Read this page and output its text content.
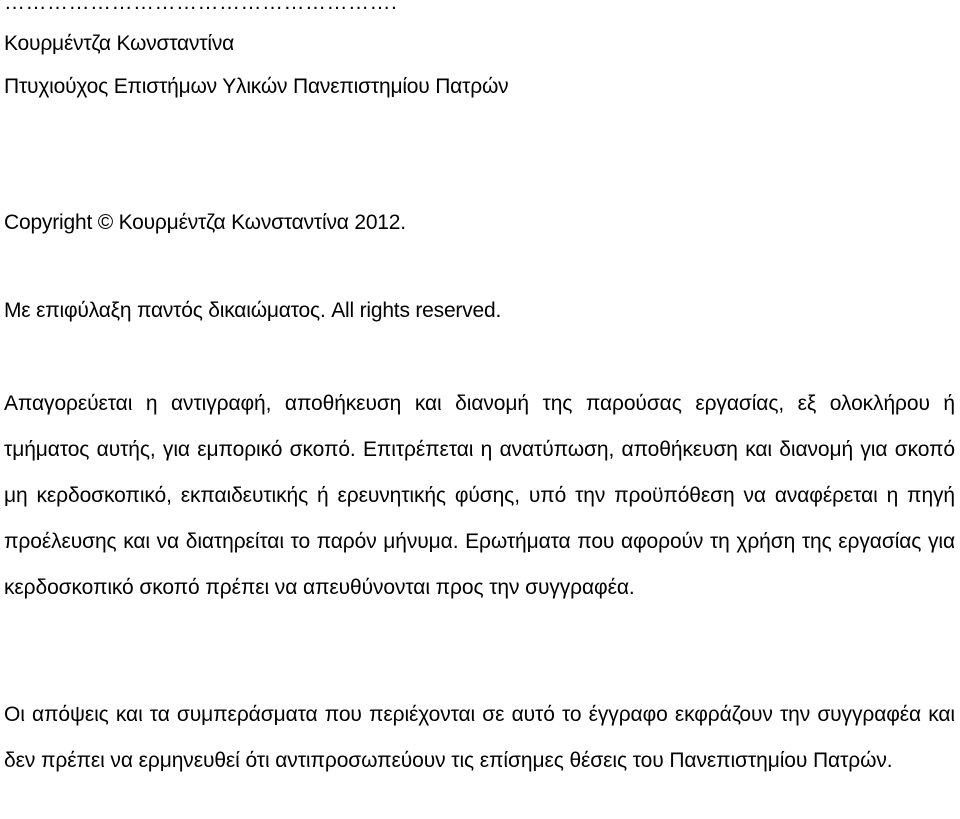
……………………………………………….
Κουρμέντζα Κωνσταντίνα
Πτυχιούχος Επιστήμων Υλικών Πανεπιστημίου Πατρών
Copyright © Κουρμέντζα Κωνσταντίνα 2012.
Με επιφύλαξη παντός δικαιώματος. All rights reserved.
Απαγορεύεται η αντιγραφή, αποθήκευση και διανομή της παρούσας εργασίας, εξ ολοκλήρου ή τμήματος αυτής, για εμπορικό σκοπό. Επιτρέπεται η ανατύπωση, αποθήκευση και διανομή για σκοπό μη κερδοσκοπικό, εκπαιδευτικής ή ερευνητικής φύσης, υπό την προϋπόθεση να αναφέρεται η πηγή προέλευσης και να διατηρείται το παρόν μήνυμα. Ερωτήματα που αφορούν τη χρήση της εργασίας για κερδοσκοπικό σκοπό πρέπει να απευθύνονται προς την συγγραφέα.
Οι απόψεις και τα συμπεράσματα που περιέχονται σε αυτό το έγγραφο εκφράζουν την συγγραφέα και δεν πρέπει να ερμηνευθεί ότι αντιπροσωπεύουν τις επίσημες θέσεις του Πανεπιστημίου Πατρών.
